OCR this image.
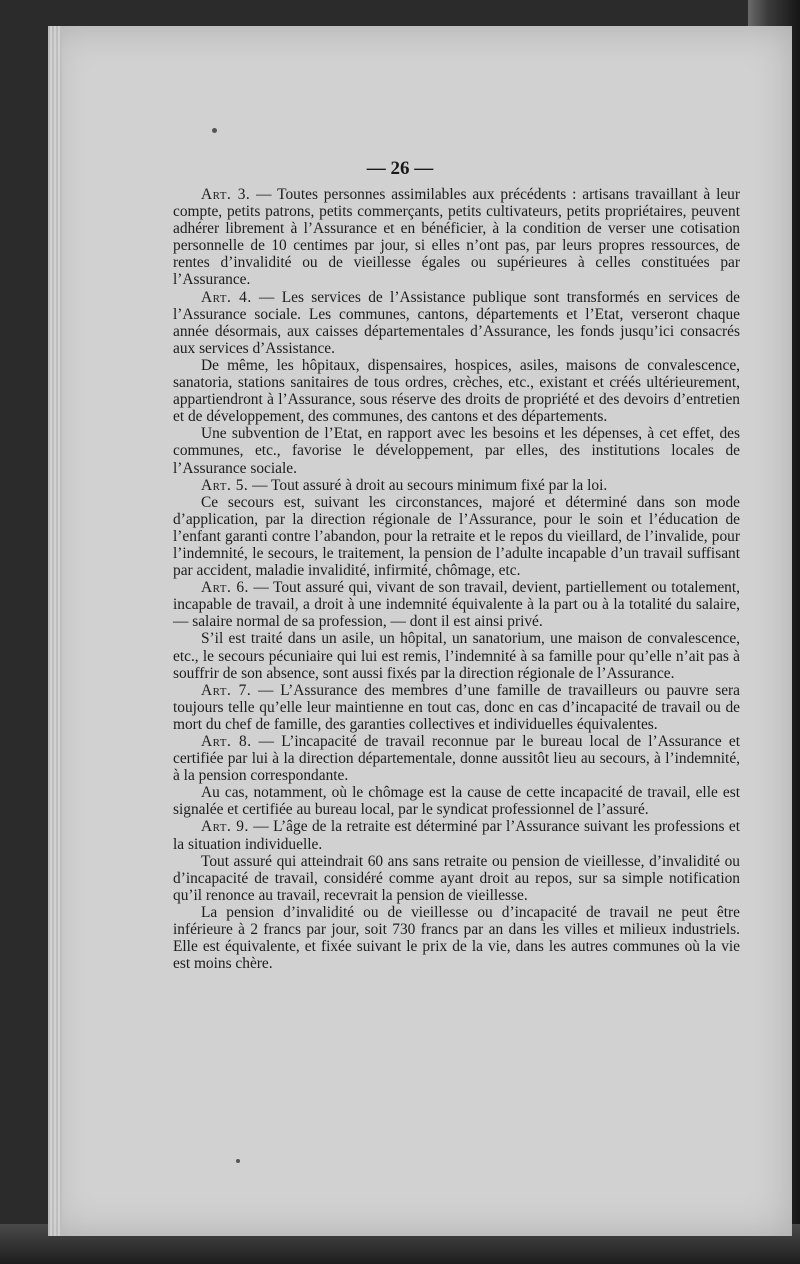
— 26 —

Art. 3. — Toutes personnes assimilables aux précédents : artisans travaillant à leur compte, petits patrons, petits commerçants, petits cultivateurs, petits propriétaires, peuvent adhérer librement à l’Assurance et en bénéficier, à la condition de verser une cotisation personnelle de 10 centimes par jour, si elles n’ont pas, par leurs propres ressources, de rentes d’invalidité ou de vieillesse égales ou supérieures à celles constituées par l’Assurance.

Art. 4. — Les services de l’Assistance publique sont transformés en services de l’Assurance sociale. Les communes, cantons, départements et l’Etat, verseront chaque année désormais, aux caisses départementales d’Assurance, les fonds jusqu’ici consacrés aux services d’Assistance.

De même, les hôpitaux, dispensaires, hospices, asiles, maisons de convalescence, sanatoria, stations sanitaires de tous ordres, crèches, etc., existant et créés ultérieurement, appartiendront à l’Assurance, sous réserve des droits de propriété et des devoirs d’entretien et de développement, des communes, des cantons et des départements.

Une subvention de l’Etat, en rapport avec les besoins et les dépenses, à cet effet, des communes, etc., favorise le développement, par elles, des institutions locales de l’Assurance sociale.

Art. 5. — Tout assuré à droit au secours minimum fixé par la loi.

Ce secours est, suivant les circonstances, majoré et déterminé dans son mode d’application, par la direction régionale de l’Assurance, pour le soin et l’éducation de l’enfant garanti contre l’abandon, pour la retraite et le repos du vieillard, de l’invalide, pour l’indemnité, le secours, le traitement, la pension de l’adulte incapable d’un travail suffisant par accident, maladie invalidité, infirmité, chômage, etc.

Art. 6. — Tout assuré qui, vivant de son travail, devient, partiellement ou totalement, incapable de travail, a droit à une indemnité équivalente à la part ou à la totalité du salaire, — salaire normal de sa profession, — dont il est ainsi privé.

S’il est traité dans un asile, un hôpital, un sanatorium, une maison de convalescence, etc., le secours pécuniaire qui lui est remis, l’indemnité à sa famille pour qu’elle n’ait pas à souffrir de son absence, sont aussi fixés par la direction régionale de l’Assurance.

Art. 7. — L’Assurance des membres d’une famille de travailleurs ou pauvre sera toujours telle qu’elle leur maintienne en tout cas, donc en cas d’incapacité de travail ou de mort du chef de famille, des garanties collectives et individuelles équivalentes.

Art. 8. — L’incapacité de travail reconnue par le bureau local de l’Assurance et certifiée par lui à la direction départementale, donne aussitôt lieu au secours, à l’indemnité, à la pension correspondante.

Au cas, notamment, où le chômage est la cause de cette incapacité de travail, elle est signalée et certifiée au bureau local, par le syndicat professionnel de l’assuré.

Art. 9. — L’âge de la retraite est déterminé par l’Assurance suivant les professions et la situation individuelle.

Tout assuré qui atteindrait 60 ans sans retraite ou pension de vieillesse, d’invalidité ou d’incapacité de travail, considéré comme ayant droit au repos, sur sa simple notification qu’il renonce au travail, recevrait la pension de vieillesse.

La pension d’invalidité ou de vieillesse ou d’incapacité de travail ne peut être inférieure à 2 francs par jour, soit 730 francs par an dans les villes et milieux industriels. Elle est équivalente, et fixée suivant le prix de la vie, dans les autres communes où la vie est moins chère.
